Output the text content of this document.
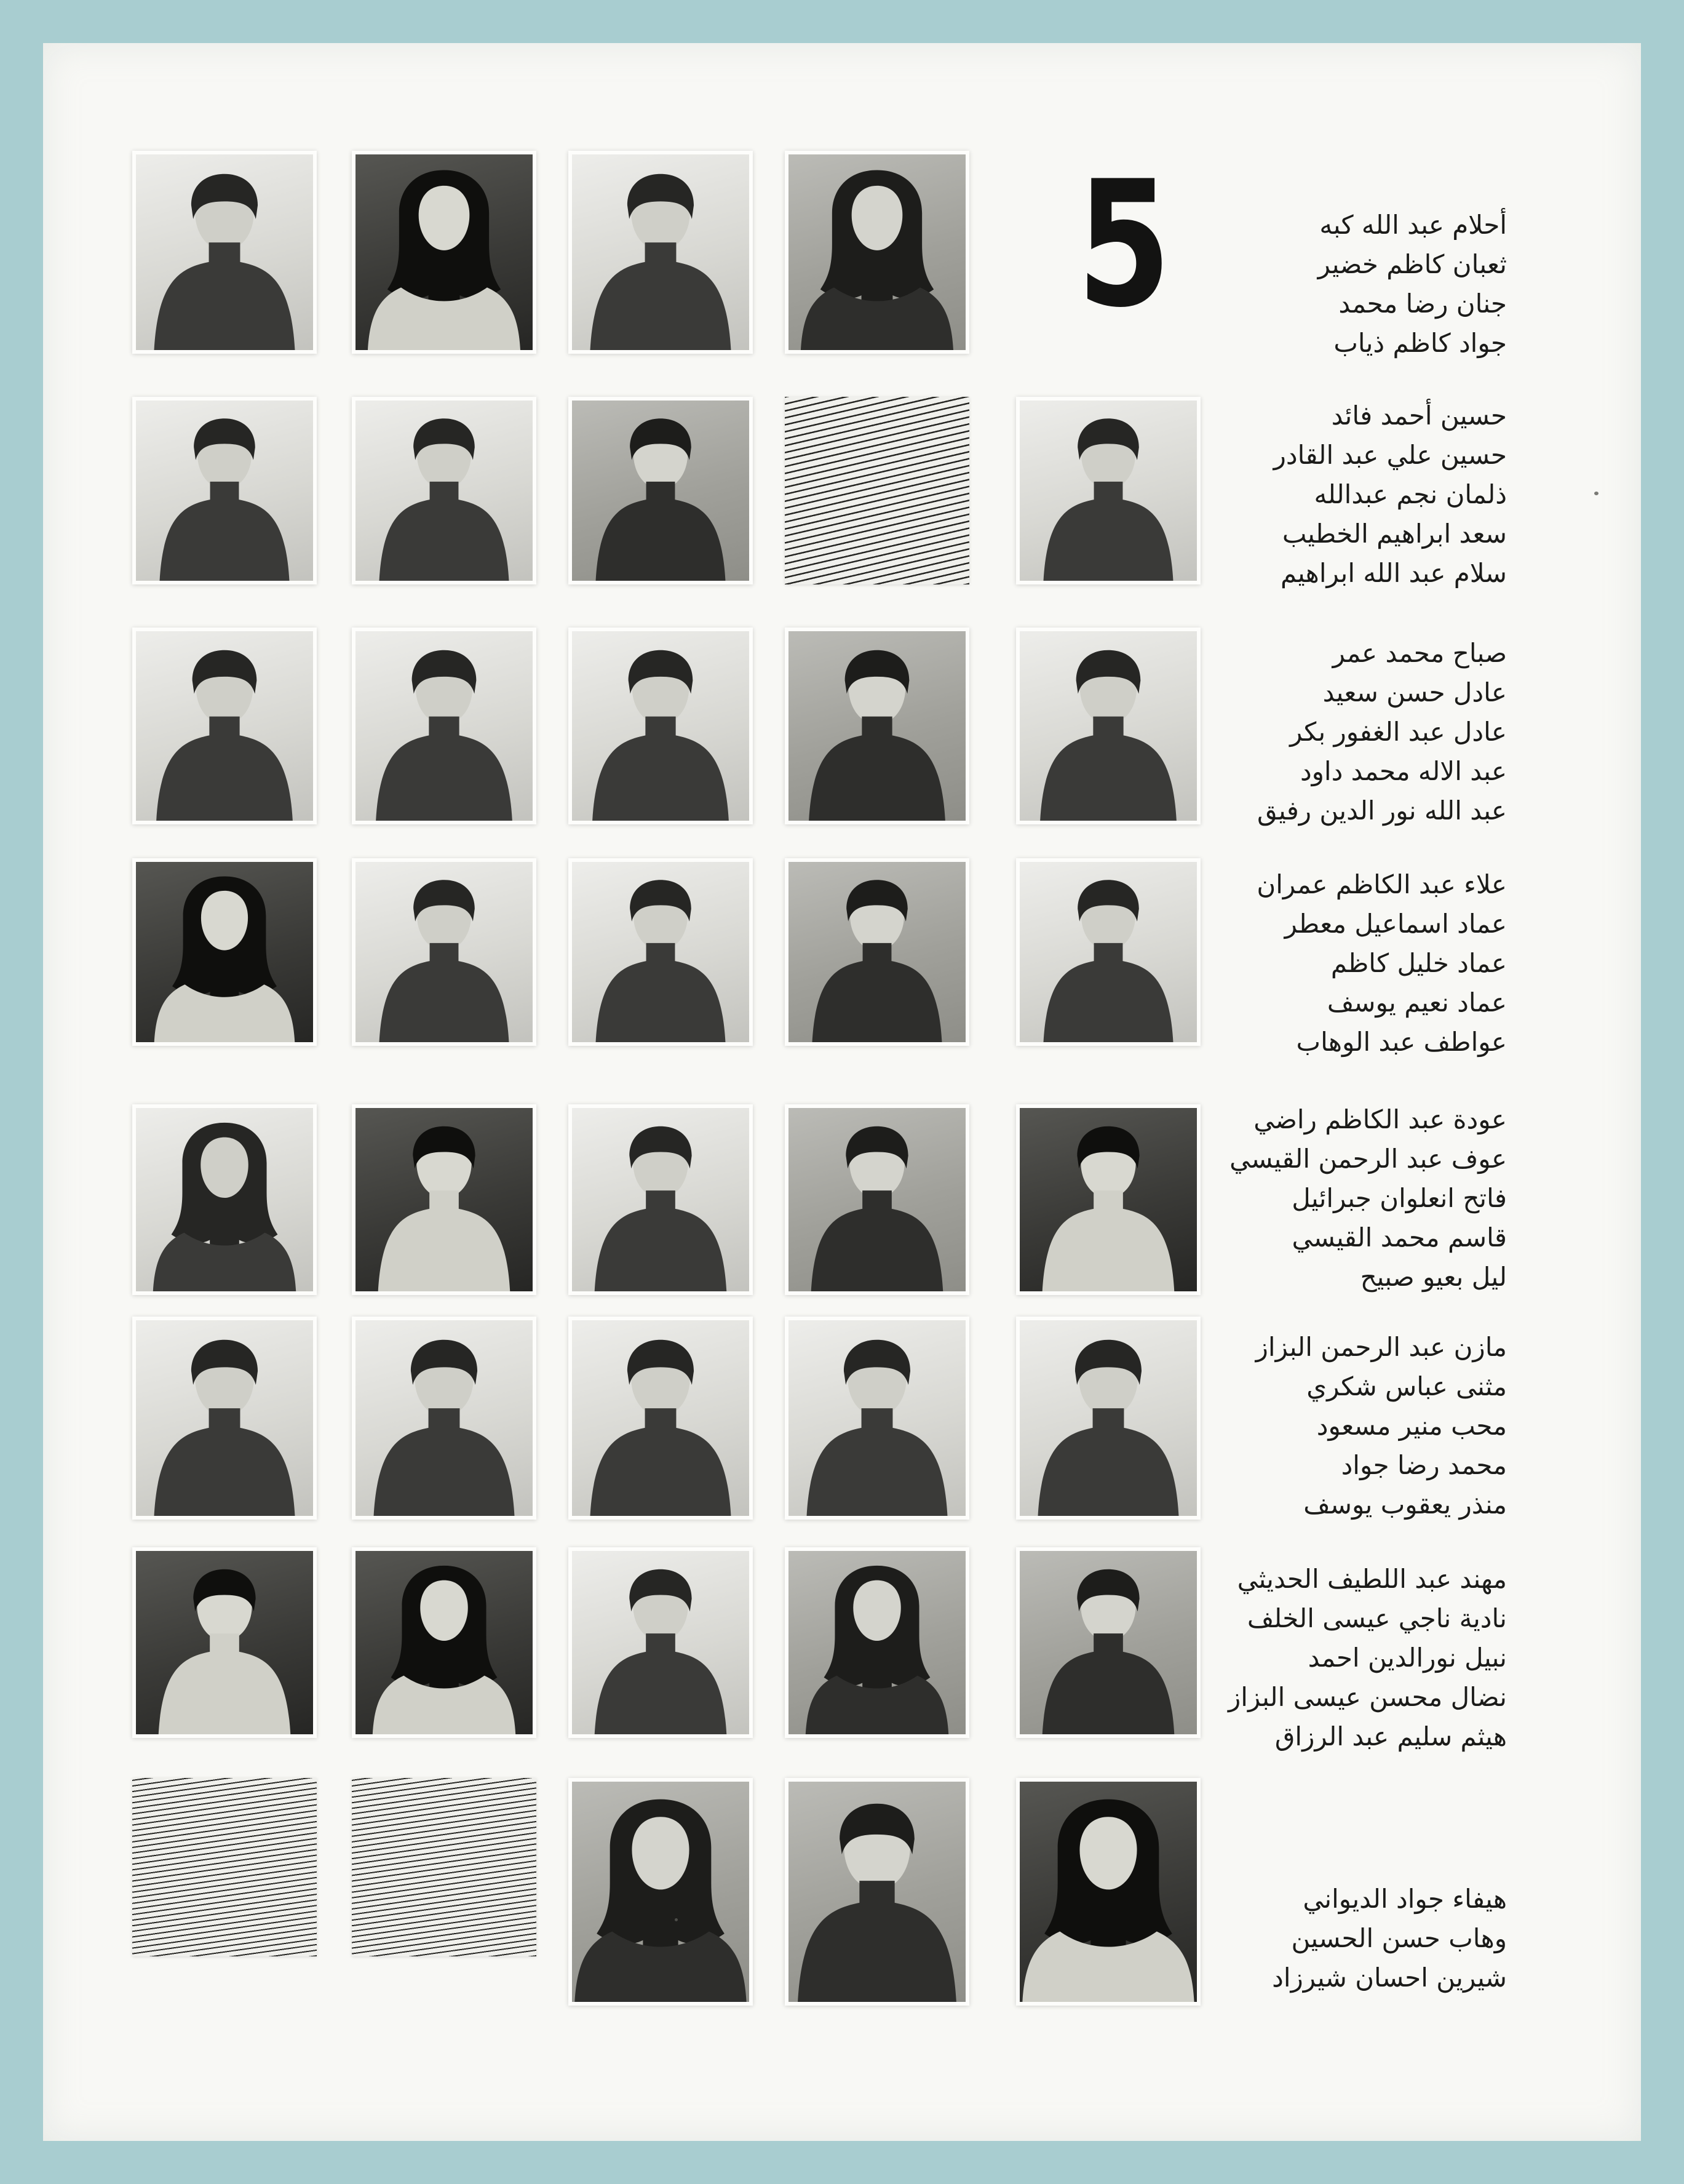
5	أحلام عبد الله كبه
ثعبان كاظم خضير
جنان رضا محمد
جواد كاظم ذياب
حسين أحمد فائد
حسين علي عبد القادر
ذلمان نجم عبدالله
سعد ابراهيم الخطيب
سلام عبد الله ابراهيم
صباح محمد عمر
عادل حسن سعيد
عادل عبد الغفور بكر
عبد الاله محمد داود
عبد الله نور الدين رفيق
علاء عبد الكاظم عمران
عماد اسماعيل معطر
عماد خليل كاظم
عماد نعيم يوسف
عواطف عبد الوهاب
عودة عبد الكاظم راضي
عوف عبد الرحمن القيسي
فاتح انعلوان جبرائيل
قاسم محمد القيسي
ليل بعيو صبيح
مازن عبد الرحمن البزاز
مثنى عباس شكري
محب منير مسعود
محمد رضا جواد
منذر يعقوب يوسف
مهند عبد اللطيف الحديثي
نادية ناجي عيسى الخلف
نبيل نورالدين احمد
نضال محسن عيسى البزاز
هيثم سليم عبد الرزاق
هيفاء جواد الديواني
وهاب حسن الحسين
شيرين احسان شيرزاد
